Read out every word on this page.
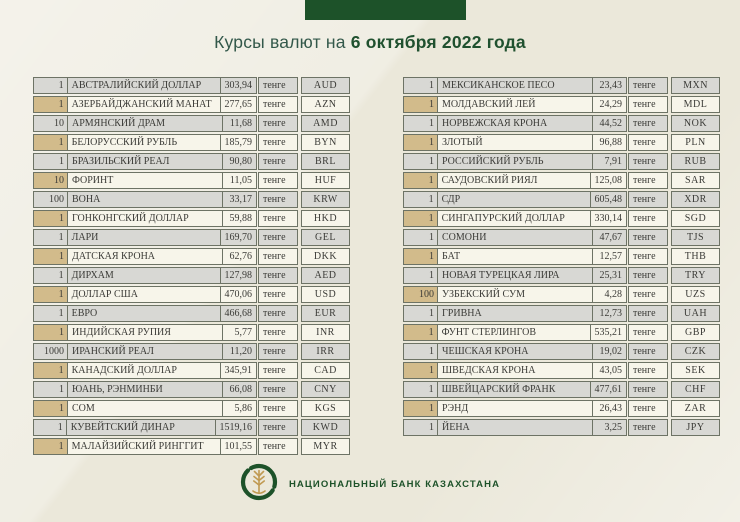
Курсы валют на 6 октября 2022 года
1 АВСТРАЛИЙСКИЙ ДОЛЛАР	303,94	тенге	AUD
1 АЗЕРБАЙДЖАНСКИЙ МАНАТ	277,65	тенге	AZN
10 АРМЯНСКИЙ ДРАМ	11,68	тенге	AMD
1 БЕЛОРУССКИЙ РУБЛЬ	185,79	тенге	BYN
1 БРАЗИЛЬСКИЙ РЕАЛ	90,80	тенге	BRL
10 ФОРИНТ	11,05	тенге	HUF
100 ВОНА	33,17	тенге	KRW
1 ГОНКОНГСКИЙ ДОЛЛАР	59,88	тенге	HKD
1 ЛАРИ	169,70	тенге	GEL
1 ДАТСКАЯ КРОНА	62,76	тенге	DKK
1 ДИРХАМ	127,98	тенге	AED
1 ДОЛЛАР США	470,06	тенге	USD
1 ЕВРО	466,68	тенге	EUR
1 ИНДИЙСКАЯ РУПИЯ	5,77	тенге	INR
1000 ИРАНСКИЙ РЕАЛ	11,20	тенге	IRR
1 КАНАДСКИЙ ДОЛЛАР	345,91	тенге	CAD
1 ЮАНЬ, РЭНМИНБИ	66,08	тенге	CNY
1 СОМ	5,86	тенге	KGS
1 КУВЕЙТСКИЙ ДИНАР	1519,16	тенге	KWD
1 МАЛАЙЗИЙСКИЙ РИНГГИТ	101,55	тенге	MYR
1 МЕКСИКАНСКОЕ ПЕСО	23,43	тенге	MXN
1 МОЛДАВСКИЙ ЛЕЙ	24,29	тенге	MDL
1 НОРВЕЖСКАЯ КРОНА	44,52	тенге	NOK
1 ЗЛОТЫЙ	96,88	тенге	PLN
1 РОССИЙСКИЙ РУБЛЬ	7,91	тенге	RUB
1 САУДОВСКИЙ РИЯЛ	125,08	тенге	SAR
1 СДР	605,48	тенге	XDR
1 СИНГАПУРСКИЙ ДОЛЛАР	330,14	тенге	SGD
1 СОМОНИ	47,67	тенге	TJS
1 БАТ	12,57	тенге	THB
1 НОВАЯ ТУРЕЦКАЯ ЛИРА	25,31	тенге	TRY
100 УЗБЕКСКИЙ СУМ	4,28	тенге	UZS
1 ГРИВНА	12,73	тенге	UAH
1 ФУНТ СТЕРЛИНГОВ	535,21	тенге	GBP
1 ЧЕШСКАЯ КРОНА	19,02	тенге	CZK
1 ШВЕДСКАЯ КРОНА	43,05	тенге	SEK
1 ШВЕЙЦАРСКИЙ ФРАНК	477,61	тенге	CHF
1 РЭНД	26,43	тенге	ZAR
1 ЙЕНА	3,25	тенге	JPY
НАЦИОНАЛЬНЫЙ БАНК КАЗАХСТАНА
